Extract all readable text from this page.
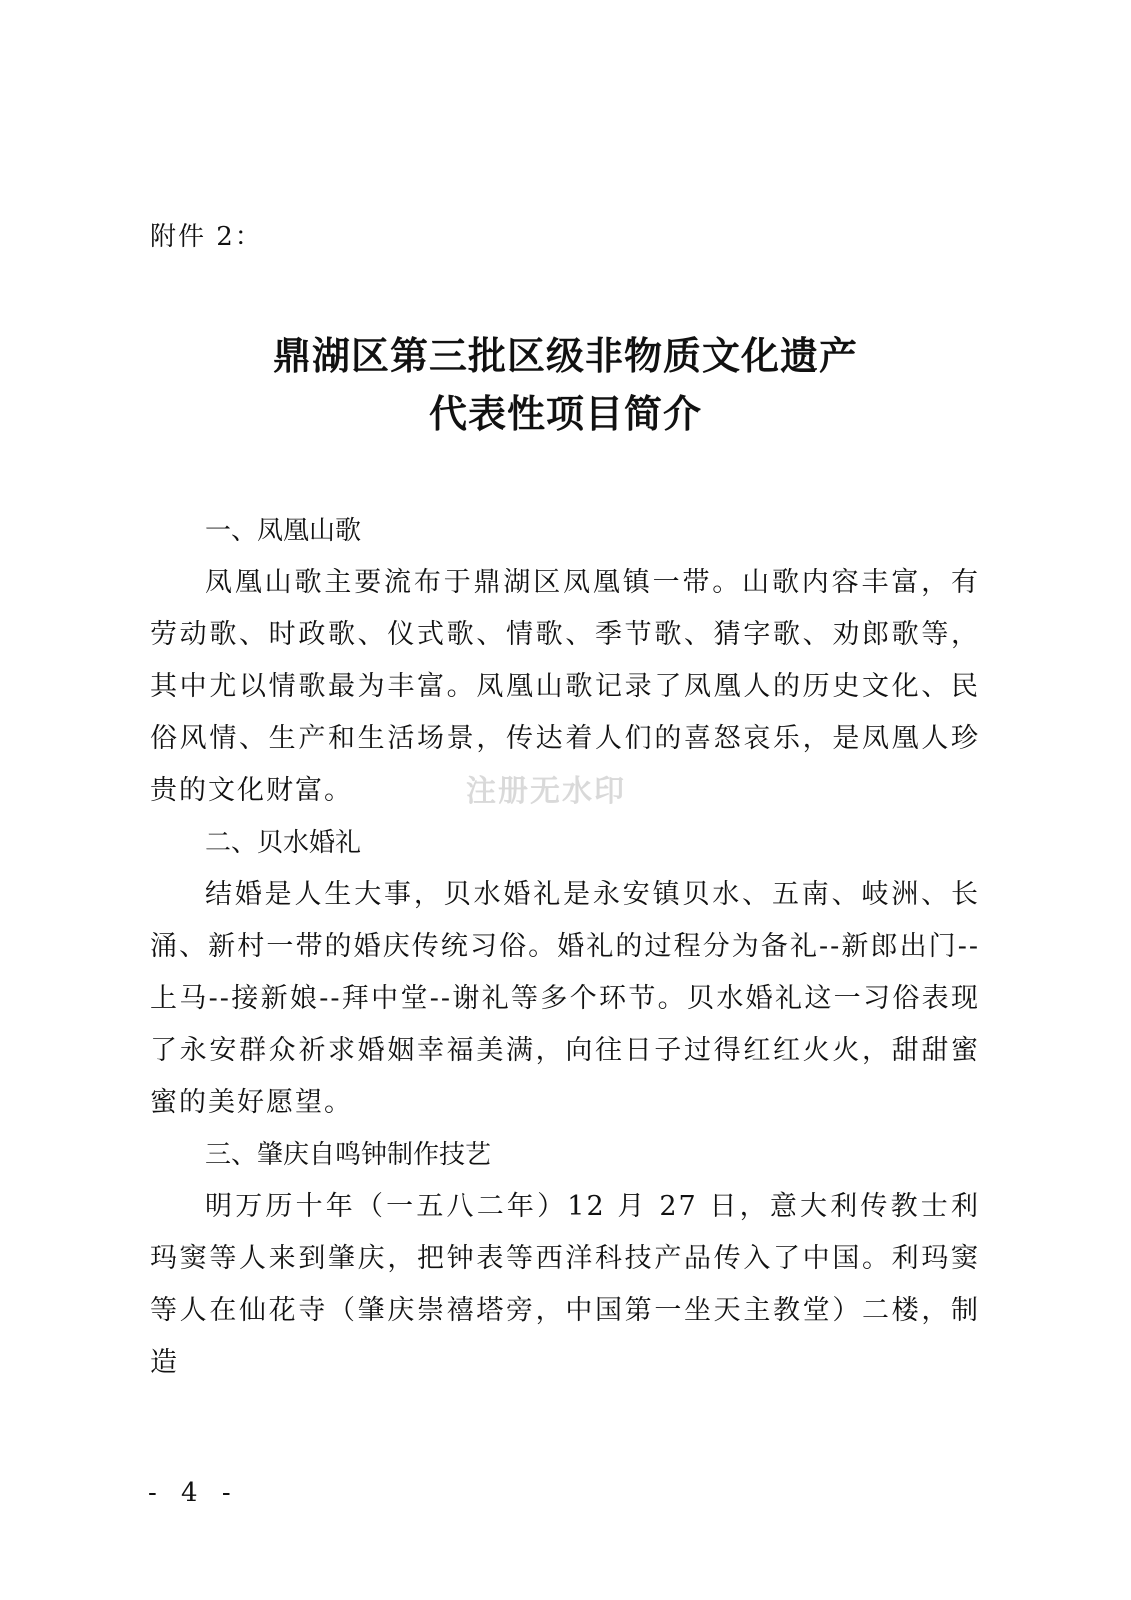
附件 2：
鼎湖区第三批区级非物质文化遗产
代表性项目简介

一、凤凰山歌

凤凰山歌主要流布于鼎湖区凤凰镇一带。山歌内容丰富，有劳动歌、时政歌、仪式歌、情歌、季节歌、猜字歌、劝郎歌等，其中尤以情歌最为丰富。凤凰山歌记录了凤凰人的历史文化、民俗风情、生产和生活场景，传达着人们的喜怒哀乐，是凤凰人珍贵的文化财富。

二、贝水婚礼

结婚是人生大事，贝水婚礼是永安镇贝水、五南、岐洲、长涌、新村一带的婚庆传统习俗。婚礼的过程分为备礼--新郎出门--上马--接新娘--拜中堂--谢礼等多个环节。贝水婚礼这一习俗表现了永安群众祈求婚姻幸福美满，向往日子过得红红火火，甜甜蜜蜜的美好愿望。

三、肇庆自鸣钟制作技艺

明万历十年（一五八二年）12 月 27 日，意大利传教士利玛窦等人来到肇庆，把钟表等西洋科技产品传入了中国。利玛窦等人在仙花寺（肇庆崇禧塔旁，中国第一坐天主教堂）二楼，制造

注册无水印
- 4 -
